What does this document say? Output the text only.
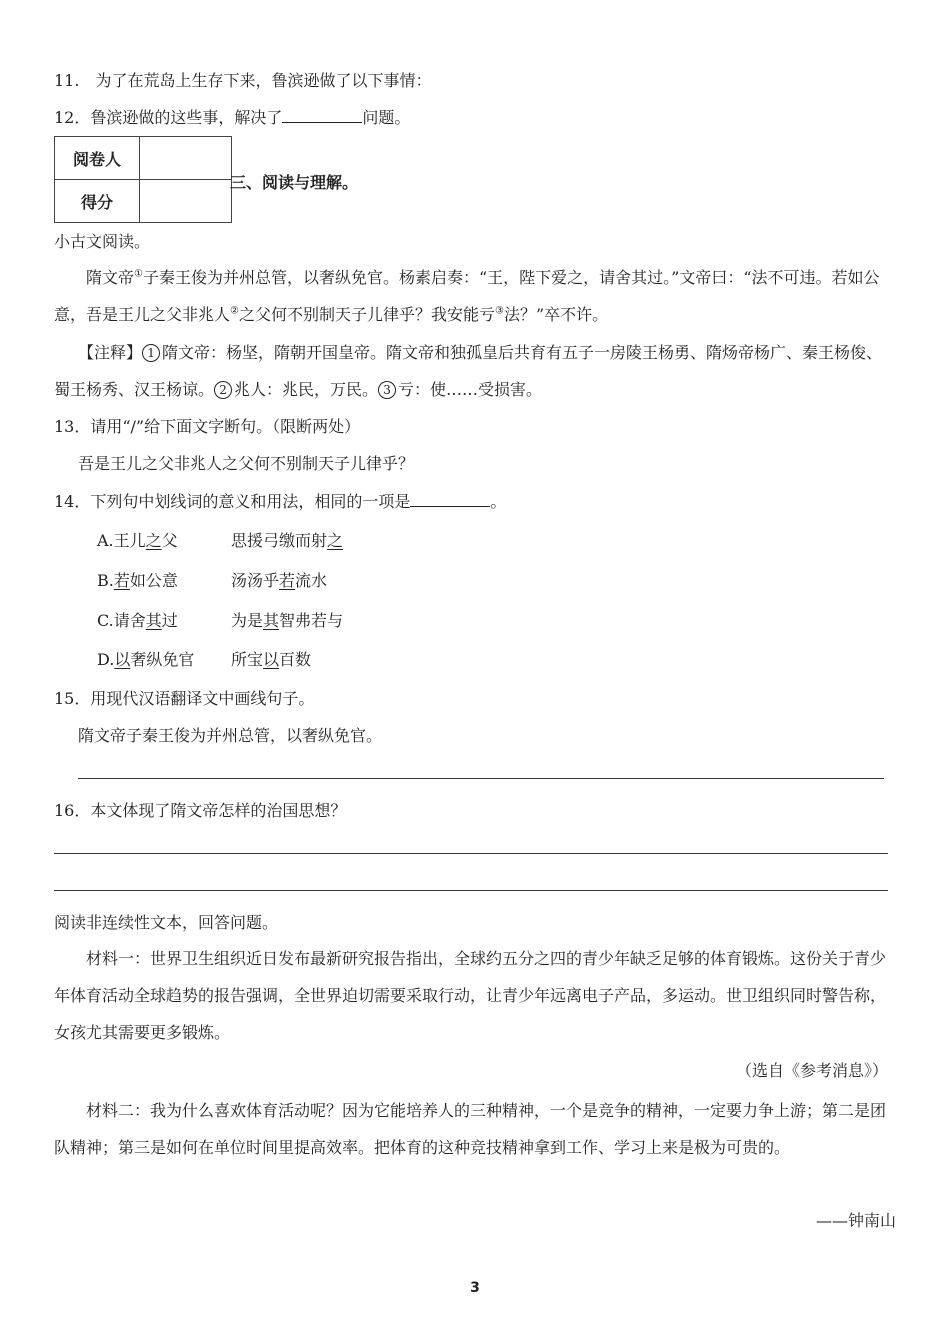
11.　为了在荒岛上生存下来，鲁滨逊做了以下事情：
12．鲁滨逊做的这些事，解决了	问题。
阅卷人	
得分	
三、阅读与理解。
小古文阅读。
隋文帝①子秦王俊为并州总管，以奢纵免官。杨素启奏：“王，陛下爱之，请舍其过。”文帝曰：“法不可违。若如公意，吾是王儿之父非兆人②之父何不别制天子儿律乎？我安能亏③法？”卒不许。
【注释】 1 隋文帝：杨坚，隋朝开国皇帝。隋文帝和独孤皇后共育有五子一房陵王杨勇、隋炀帝杨广、秦王杨俊、蜀王杨秀、汉王杨谅。 2 兆人：兆民，万民。 3 亏：使……受损害。
13．请用“/”给下面文字断句。（限断两处）
吾是王儿之父非兆人之父何不别制天子儿律乎？
14．下列句中划线词的意义和用法，相同的一项是	。
A.王儿之父	思援弓缴而射之
B.若如公意	汤汤乎若流水
C.请舍其过	为是其智弗若与
D.以奢纵免官 所宝以百数
15．用现代汉语翻译文中画线句子。
隋文帝子秦王俊为并州总管，以奢纵免官。
16．本文体现了隋文帝怎样的治国思想？
阅读非连续性文本，回答问题。
材料一：世界卫生组织近日发布最新研究报告指出，全球约五分之四的青少年缺乏足够的体育锻炼。这份关于青少年体育活动全球趋势的报告强调，全世界迫切需要采取行动，让青少年远离电子产品，多运动。世卫组织同时警告称，女孩尤其需要更多锻炼。
（选自《参考消息》）
材料二：我为什么喜欢体育活动呢？因为它能培养人的三种精神，一个是竞争的精神，一定要力争上游；第二是团队精神；第三是如何在单位时间里提高效率。把体育的这种竞技精神拿到工作、学习上来是极为可贵的。
——钟南山
3
